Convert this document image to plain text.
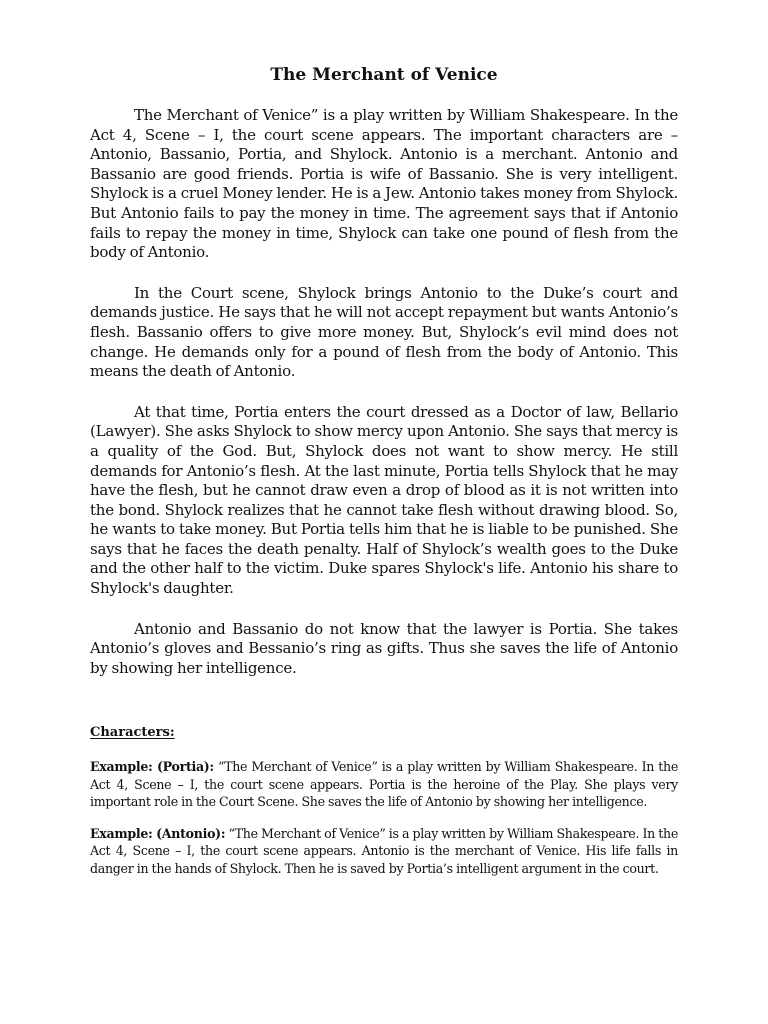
The Merchant of Venice

The Merchant of Venice” is a play written by William Shakespeare. In the Act 4, Scene – I, the court scene appears. The important characters are – Antonio, Bassanio, Portia, and Shylock. Antonio is a merchant. Antonio and Bassanio are good friends. Portia is wife of Bassanio. She is very intelligent. Shylock is a cruel Money lender. He is a Jew. Antonio takes money from Shylock. But Antonio fails to pay the money in time. The agreement says that if Antonio fails to repay the money in time, Shylock can take one pound of flesh from the body of Antonio.

In the Court scene, Shylock brings Antonio to the Duke’s court and demands justice. He says that he will not accept repayment but wants Antonio’s flesh. Bassanio offers to give more money. But, Shylock’s evil mind does not change. He demands only for a pound of flesh from the body of Antonio. This means the death of Antonio.

At that time, Portia enters the court dressed as a Doctor of law, Bellario (Lawyer). She asks Shylock to show mercy upon Antonio. She says that mercy is a quality of the God. But, Shylock does not want to show mercy. He still demands for Antonio’s flesh. At the last minute, Portia tells Shylock that he may have the flesh, but he cannot draw even a drop of blood as it is not written into the bond. Shylock realizes that he cannot take flesh without drawing blood. So, he wants to take money. But Portia tells him that he is liable to be punished. She says that he faces the death penalty. Half of Shylock’s wealth goes to the Duke and the other half to the victim. Duke spares Shylock's life. Antonio his share to Shylock's daughter.

Antonio and Bassanio do not know that the lawyer is Portia. She takes Antonio’s gloves and Bessanio’s ring as gifts. Thus she saves the life of Antonio by showing her intelligence.

Characters:

Example: (Portia): “The Merchant of Venice” is a play written by William Shakespeare. In the Act 4, Scene – I, the court scene appears. Portia is the heroine of the Play. She plays very important role in the Court Scene. She saves the life of Antonio by showing her intelligence.

Example: (Antonio): “The Merchant of Venice” is a play written by William Shakespeare. In the Act 4, Scene – I, the court scene appears. Antonio is the merchant of Venice. His life falls in danger in the hands of Shylock. Then he is saved by Portia’s intelligent argument in the court.
